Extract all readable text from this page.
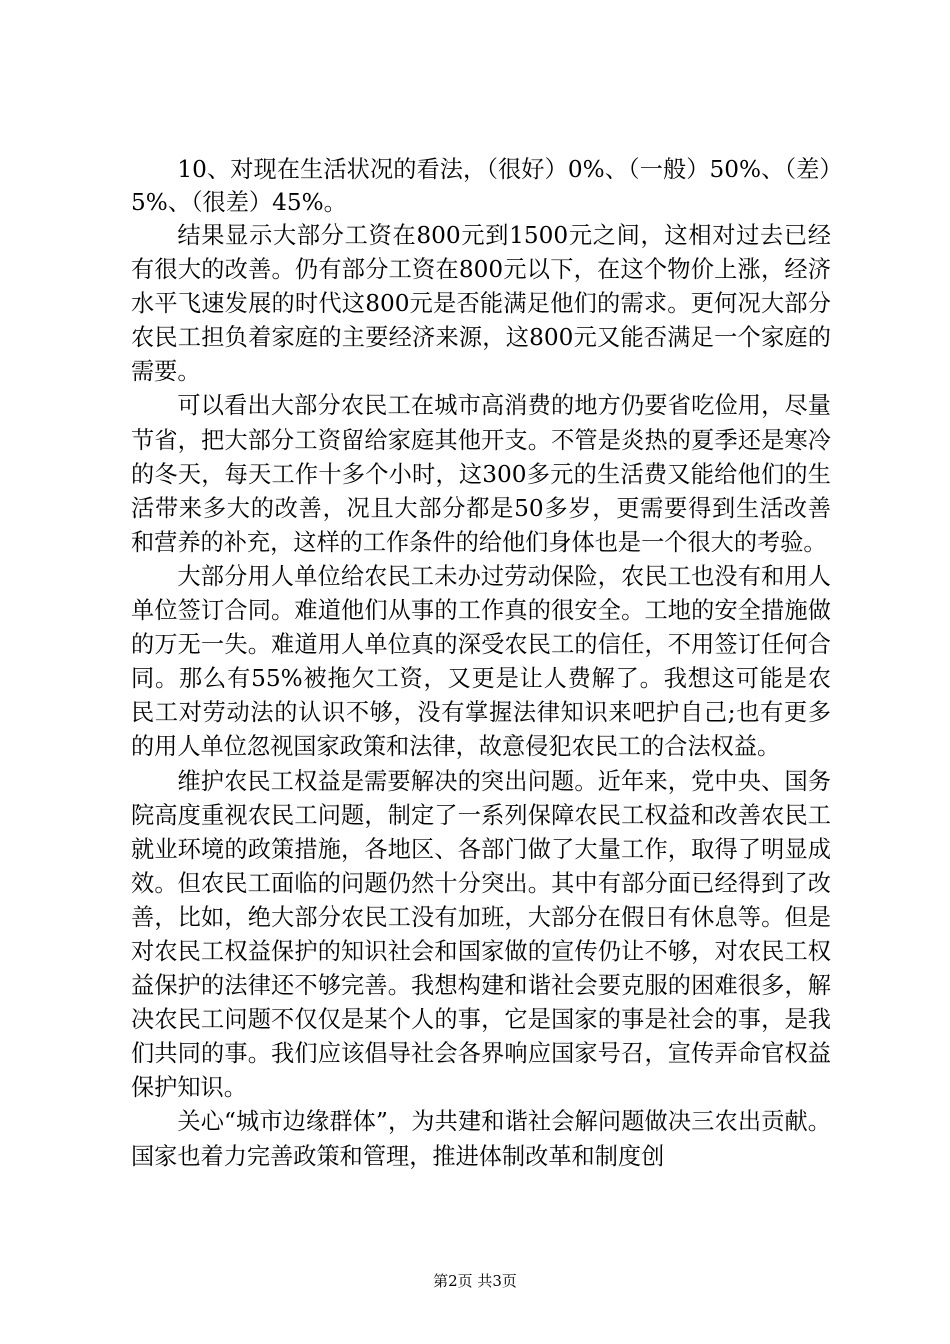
10、对现在生活状况的看法，（很好）0%、（一般）50%、（差）5%、（很差）45%。

结果显示大部分工资在800元到1500元之间，这相对过去已经有很大的改善。仍有部分工资在800元以下，在这个物价上涨，经济水平飞速发展的时代这800元是否能满足他们的需求。更何况大部分农民工担负着家庭的主要经济来源，这800元又能否满足一个家庭的需要。

可以看出大部分农民工在城市高消费的地方仍要省吃俭用，尽量节省，把大部分工资留给家庭其他开支。不管是炎热的夏季还是寒冷的冬天，每天工作十多个小时，这300多元的生活费又能给他们的生活带来多大的改善，况且大部分都是50多岁，更需要得到生活改善和营养的补充，这样的工作条件的给他们身体也是一个很大的考验。

大部分用人单位给农民工未办过劳动保险，农民工也没有和用人单位签订合同。难道他们从事的工作真的很安全。工地的安全措施做的万无一失。难道用人单位真的深受农民工的信任，不用签订任何合同。那么有55%被拖欠工资，又更是让人费解了。我想这可能是农民工对劳动法的认识不够，没有掌握法律知识来吧护自己;也有更多的用人单位忽视国家政策和法律，故意侵犯农民工的合法权益。

维护农民工权益是需要解决的突出问题。近年来，党中央、国务院高度重视农民工问题，制定了一系列保障农民工权益和改善农民工就业环境的政策措施，各地区、各部门做了大量工作，取得了明显成效。但农民工面临的问题仍然十分突出。其中有部分面已经得到了改善，比如，绝大部分农民工没有加班，大部分在假日有休息等。但是对农民工权益保护的知识社会和国家做的宣传仍让不够，对农民工权益保护的法律还不够完善。我想构建和谐社会要克服的困难很多，解决农民工问题不仅仅是某个人的事，它是国家的事是社会的事，是我们共同的事。我们应该倡导社会各界响应国家号召，宣传弄命官权益保护知识。

关心“城市边缘群体”，为共建和谐社会解问题做决三农出贡献。国家也着力完善政策和管理，推进体制改革和制度创

第2页 共3页
